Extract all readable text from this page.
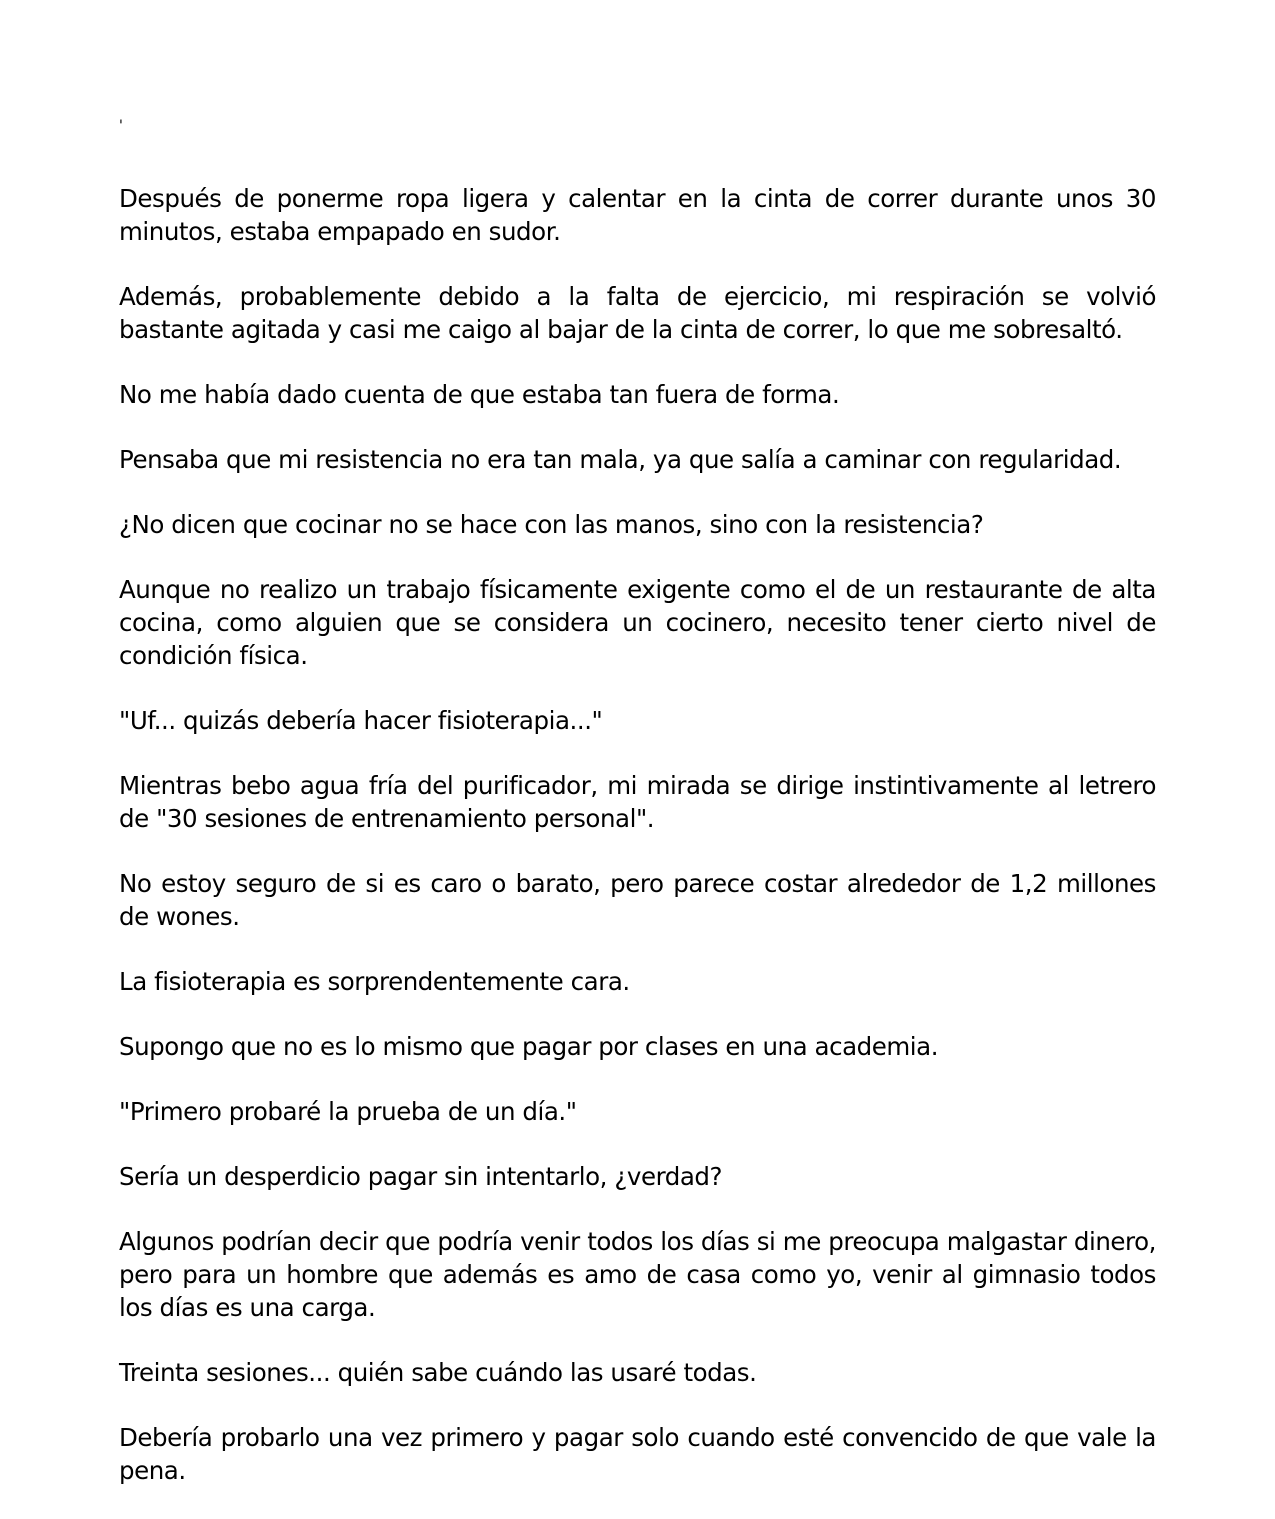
'

Después de ponerme ropa ligera y calentar en la cinta de correr durante unos 30 minutos, estaba empapado en sudor.

Además, probablemente debido a la falta de ejercicio, mi respiración se volvió bastante agitada y casi me caigo al bajar de la cinta de correr, lo que me sobresaltó.

No me había dado cuenta de que estaba tan fuera de forma.

Pensaba que mi resistencia no era tan mala, ya que salía a caminar con regularidad.

¿No dicen que cocinar no se hace con las manos, sino con la resistencia?

Aunque no realizo un trabajo físicamente exigente como el de un restaurante de alta cocina, como alguien que se considera un cocinero, necesito tener cierto nivel de condición física.

"Uf... quizás debería hacer fisioterapia..."

Mientras bebo agua fría del purificador, mi mirada se dirige instintivamente al letrero de "30 sesiones de entrenamiento personal".

No estoy seguro de si es caro o barato, pero parece costar alrededor de 1,2 millones de wones.

La fisioterapia es sorprendentemente cara.

Supongo que no es lo mismo que pagar por clases en una academia.

"Primero probaré la prueba de un día."

Sería un desperdicio pagar sin intentarlo, ¿verdad?

Algunos podrían decir que podría venir todos los días si me preocupa malgastar dinero, pero para un hombre que además es amo de casa como yo, venir al gimnasio todos los días es una carga.

Treinta sesiones... quién sabe cuándo las usaré todas.

Debería probarlo una vez primero y pagar solo cuando esté convencido de que vale la pena.
